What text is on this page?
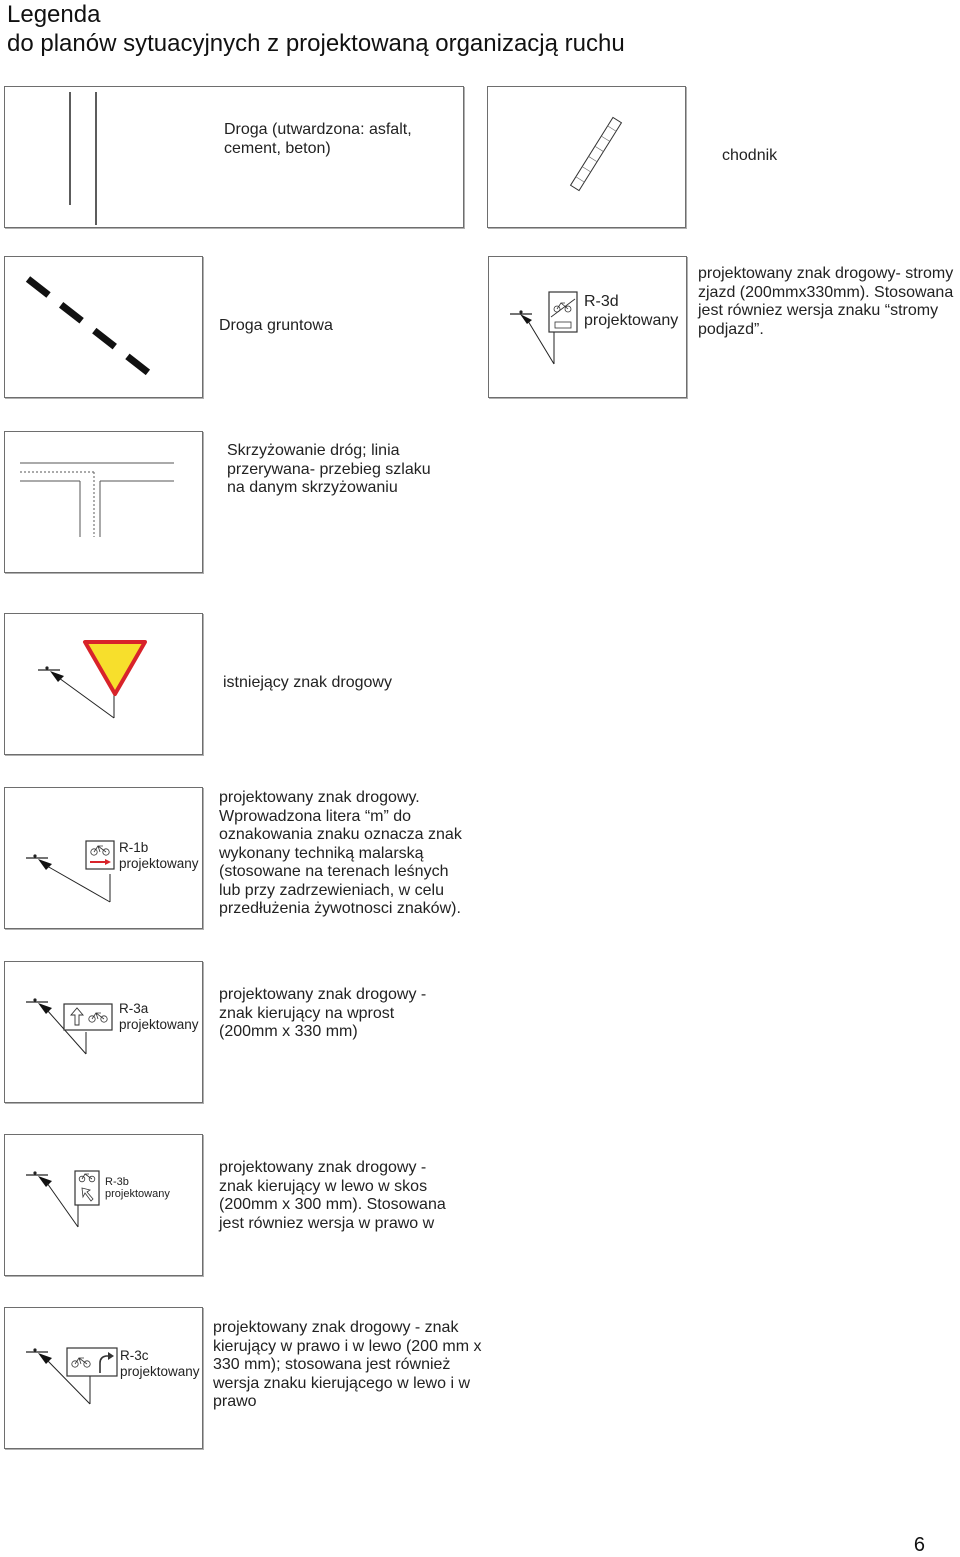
Legenda
do planów sytuacyjnych z projektowaną organizacją ruchu

Droga (utwardzona: asfalt, cement, beton)	chodnik

Droga gruntowa

R-3d

projektowany

projektowany znak drogowy- stromy zjazd (200mmx330mm). Stosowana jest równiez wersja znaku “stromy podjazd”.

Skrzyżowanie dróg; linia przerywana- przebieg szlaku na danym skrzyżowaniu

istniejący znak drogowy

R-1b

projektowany

projektowany znak drogowy. Wprowadzona litera “m” do oznakowania znaku oznacza znak wykonany techniką malarską (stosowane na terenach leśnych lub przy zadrzewieniach, w celu przedłużenia żywotnosci znaków).

R-3a

projektowany

projektowany znak drogowy - znak kierujący na wprost (200mm x 330 mm)

R-3b

projektowany

projektowany znak drogowy - znak kierujący w lewo w skos (200mm x 300 mm). Stosowana jest równiez wersja w prawo w

R-3c

projektowany

projektowany znak drogowy - znak kierujący w prawo i w lewo (200 mm x 330 mm); stosowana jest również wersja znaku kierującego w lewo i w prawo

6
